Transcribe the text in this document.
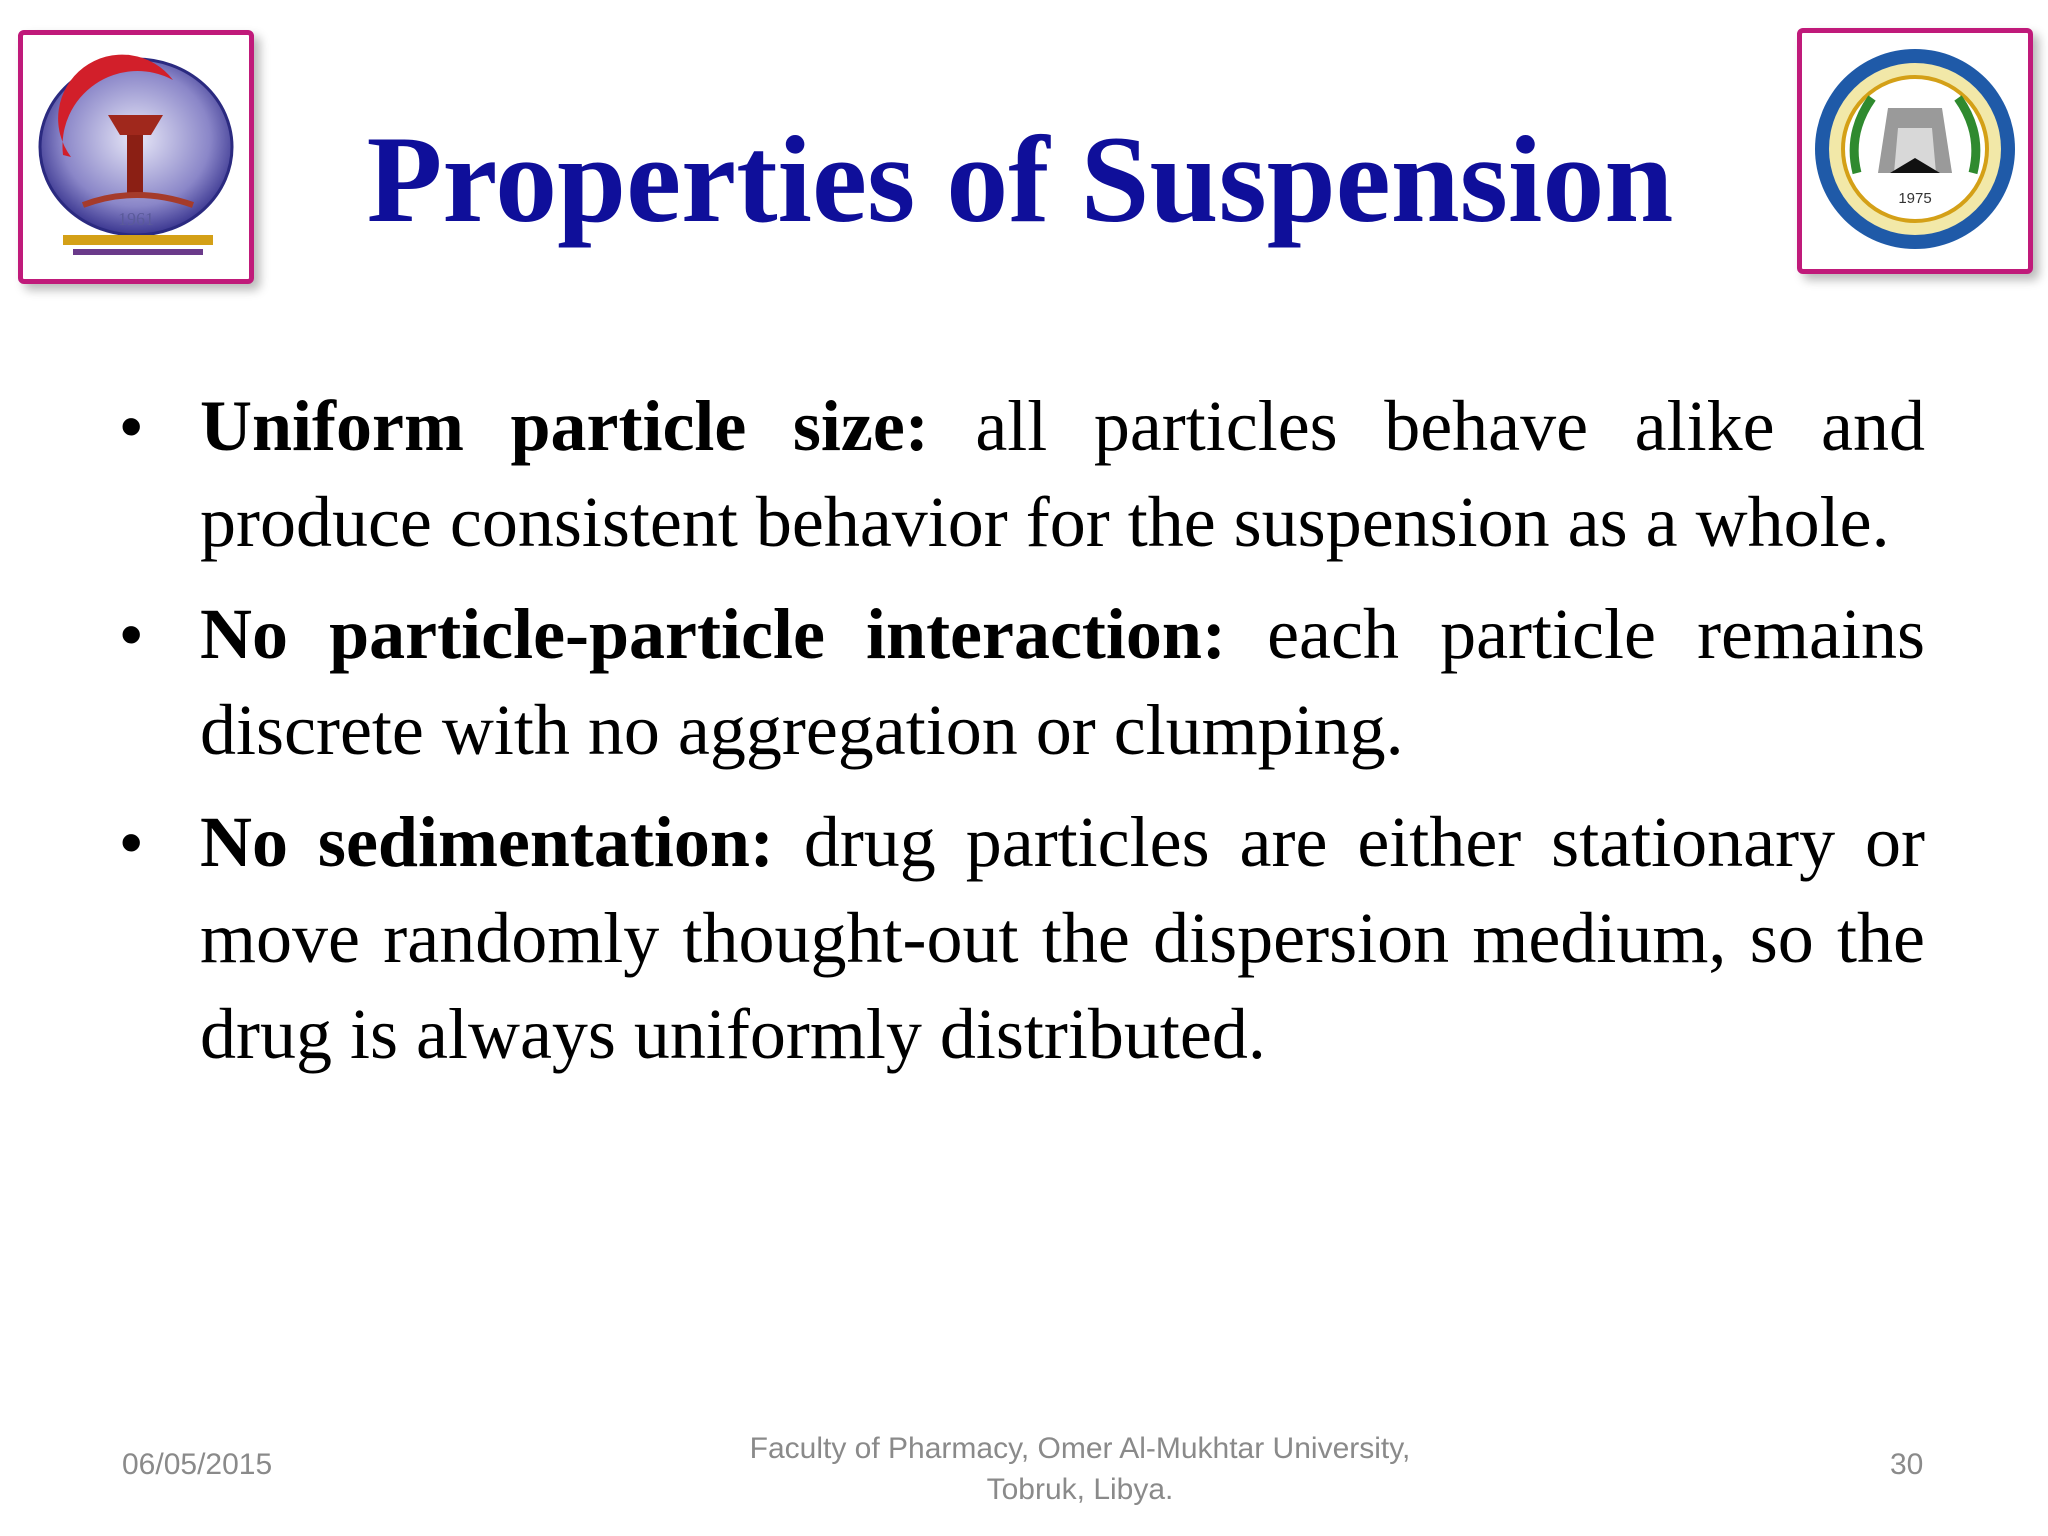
1961	Properties of Suspension	1975
• Uniform particle size: all particles behave alike and produce consistent behavior for the suspension as a whole.
• No particle-particle interaction: each particle remains discrete with no aggregation or clumping.
• No sedimentation: drug particles are either stationary or move randomly thought-out the dispersion medium, so the drug is always uniformly distributed.
06/05/2015	Faculty of Pharmacy, Omer Al-Mukhtar University,
Tobruk, Libya.
30
